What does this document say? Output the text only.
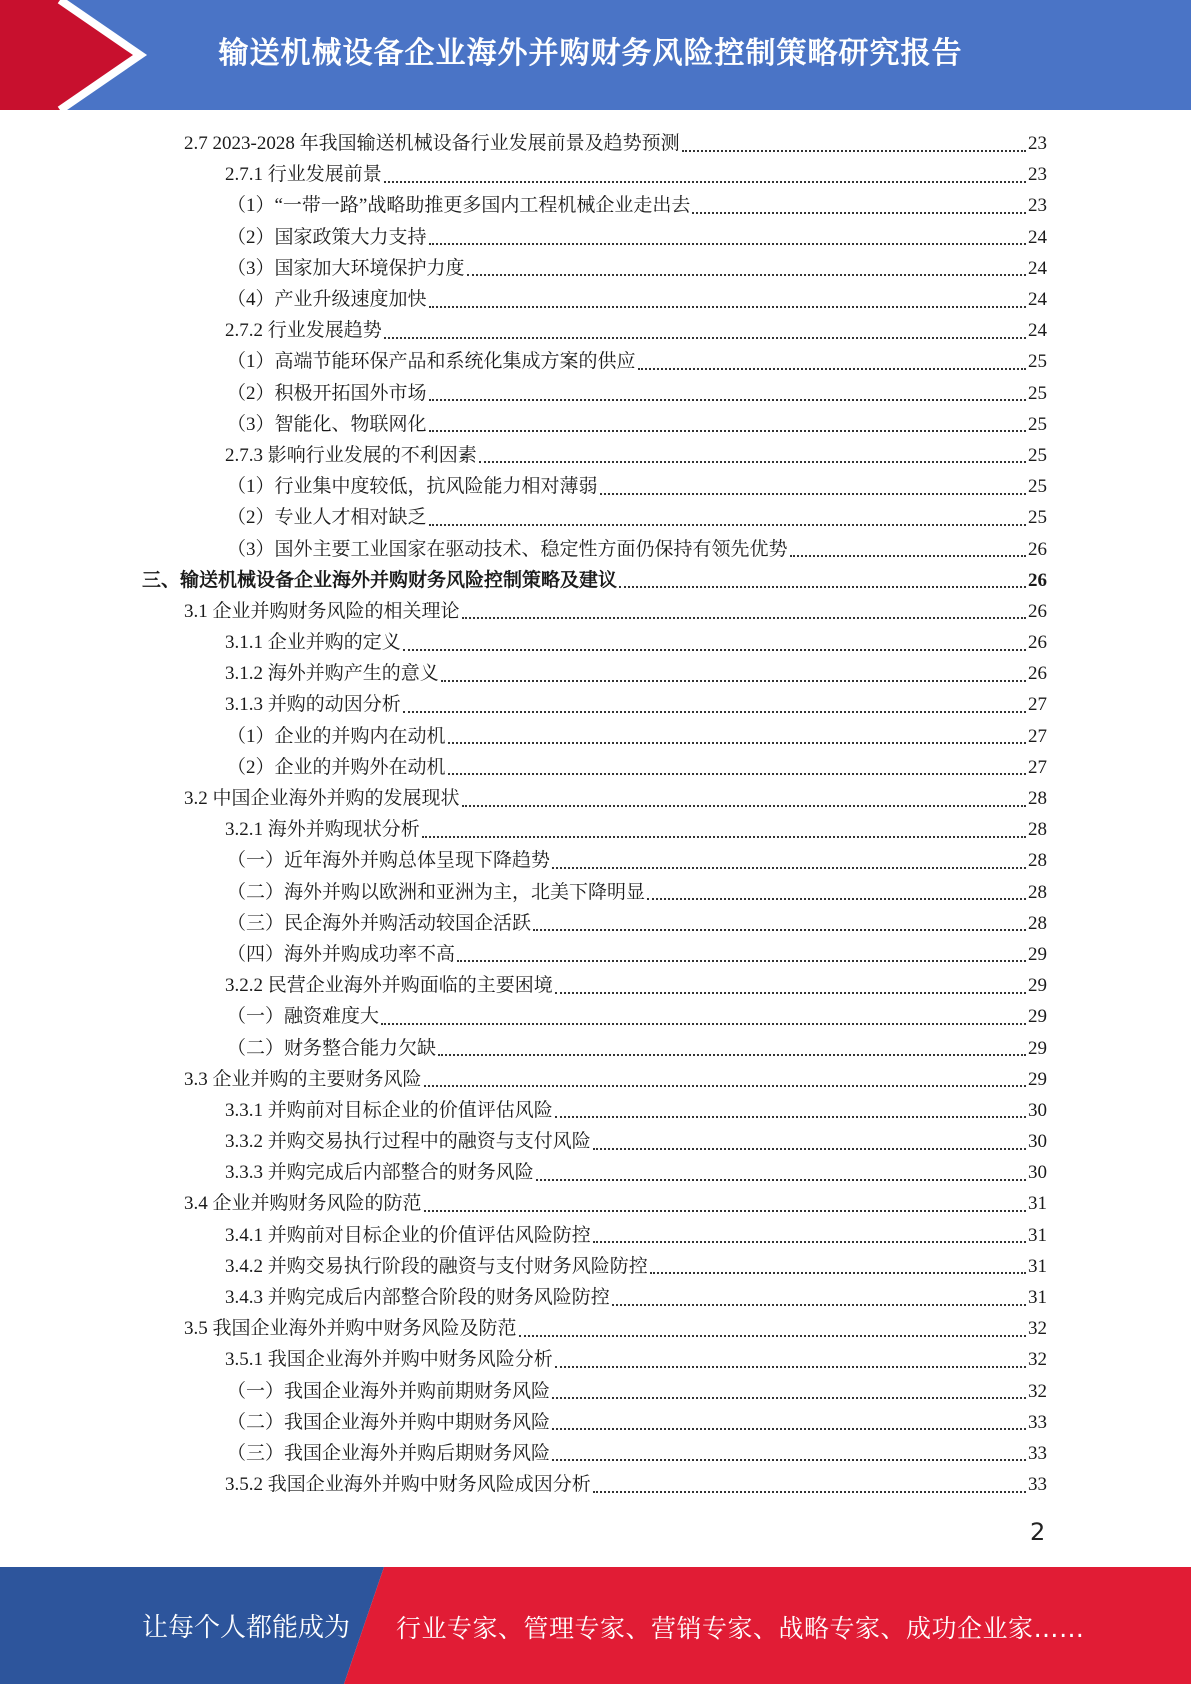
输送机械设备企业海外并购财务风险控制策略研究报告
2.7 2023-2028 年我国输送机械设备行业发展前景及趋势预测	23
2.7.1 行业发展前景	23
（1）“一带一路”战略助推更多国内工程机械企业走出去	23
（2）国家政策大力支持	24
（3）国家加大环境保护力度	24
（4）产业升级速度加快	24
2.7.2 行业发展趋势	24
（1）高端节能环保产品和系统化集成方案的供应	25
（2）积极开拓国外市场	25
（3）智能化、物联网化	25
2.7.3 影响行业发展的不利因素	25
（1）行业集中度较低，抗风险能力相对薄弱	25
（2）专业人才相对缺乏	25
（3）国外主要工业国家在驱动技术、稳定性方面仍保持有领先优势	26
三、输送机械设备企业海外并购财务风险控制策略及建议	26
3.1 企业并购财务风险的相关理论	26
3.1.1 企业并购的定义	26
3.1.2 海外并购产生的意义	26
3.1.3 并购的动因分析	27
（1）企业的并购内在动机	27
（2）企业的并购外在动机	27
3.2 中国企业海外并购的发展现状	28
3.2.1 海外并购现状分析	28
（一）近年海外并购总体呈现下降趋势	28
（二）海外并购以欧洲和亚洲为主，北美下降明显	28
（三）民企海外并购活动较国企活跃	28
（四）海外并购成功率不高	29
3.2.2 民营企业海外并购面临的主要困境	29
（一）融资难度大	29
（二）财务整合能力欠缺	29
3.3 企业并购的主要财务风险	29
3.3.1 并购前对目标企业的价值评估风险	30
3.3.2 并购交易执行过程中的融资与支付风险	30
3.3.3 并购完成后内部整合的财务风险	30
3.4 企业并购财务风险的防范	31
3.4.1 并购前对目标企业的价值评估风险防控	31
3.4.2 并购交易执行阶段的融资与支付财务风险防控	31
3.4.3 并购完成后内部整合阶段的财务风险防控	31
3.5 我国企业海外并购中财务风险及防范	32
3.5.1 我国企业海外并购中财务风险分析	32
（一）我国企业海外并购前期财务风险	32
（二）我国企业海外并购中期财务风险	33
（三）我国企业海外并购后期财务风险	33
3.5.2 我国企业海外并购中财务风险成因分析	33
2
让每个人都能成为 行业专家、管理专家、营销专家、战略专家、成功企业家……
